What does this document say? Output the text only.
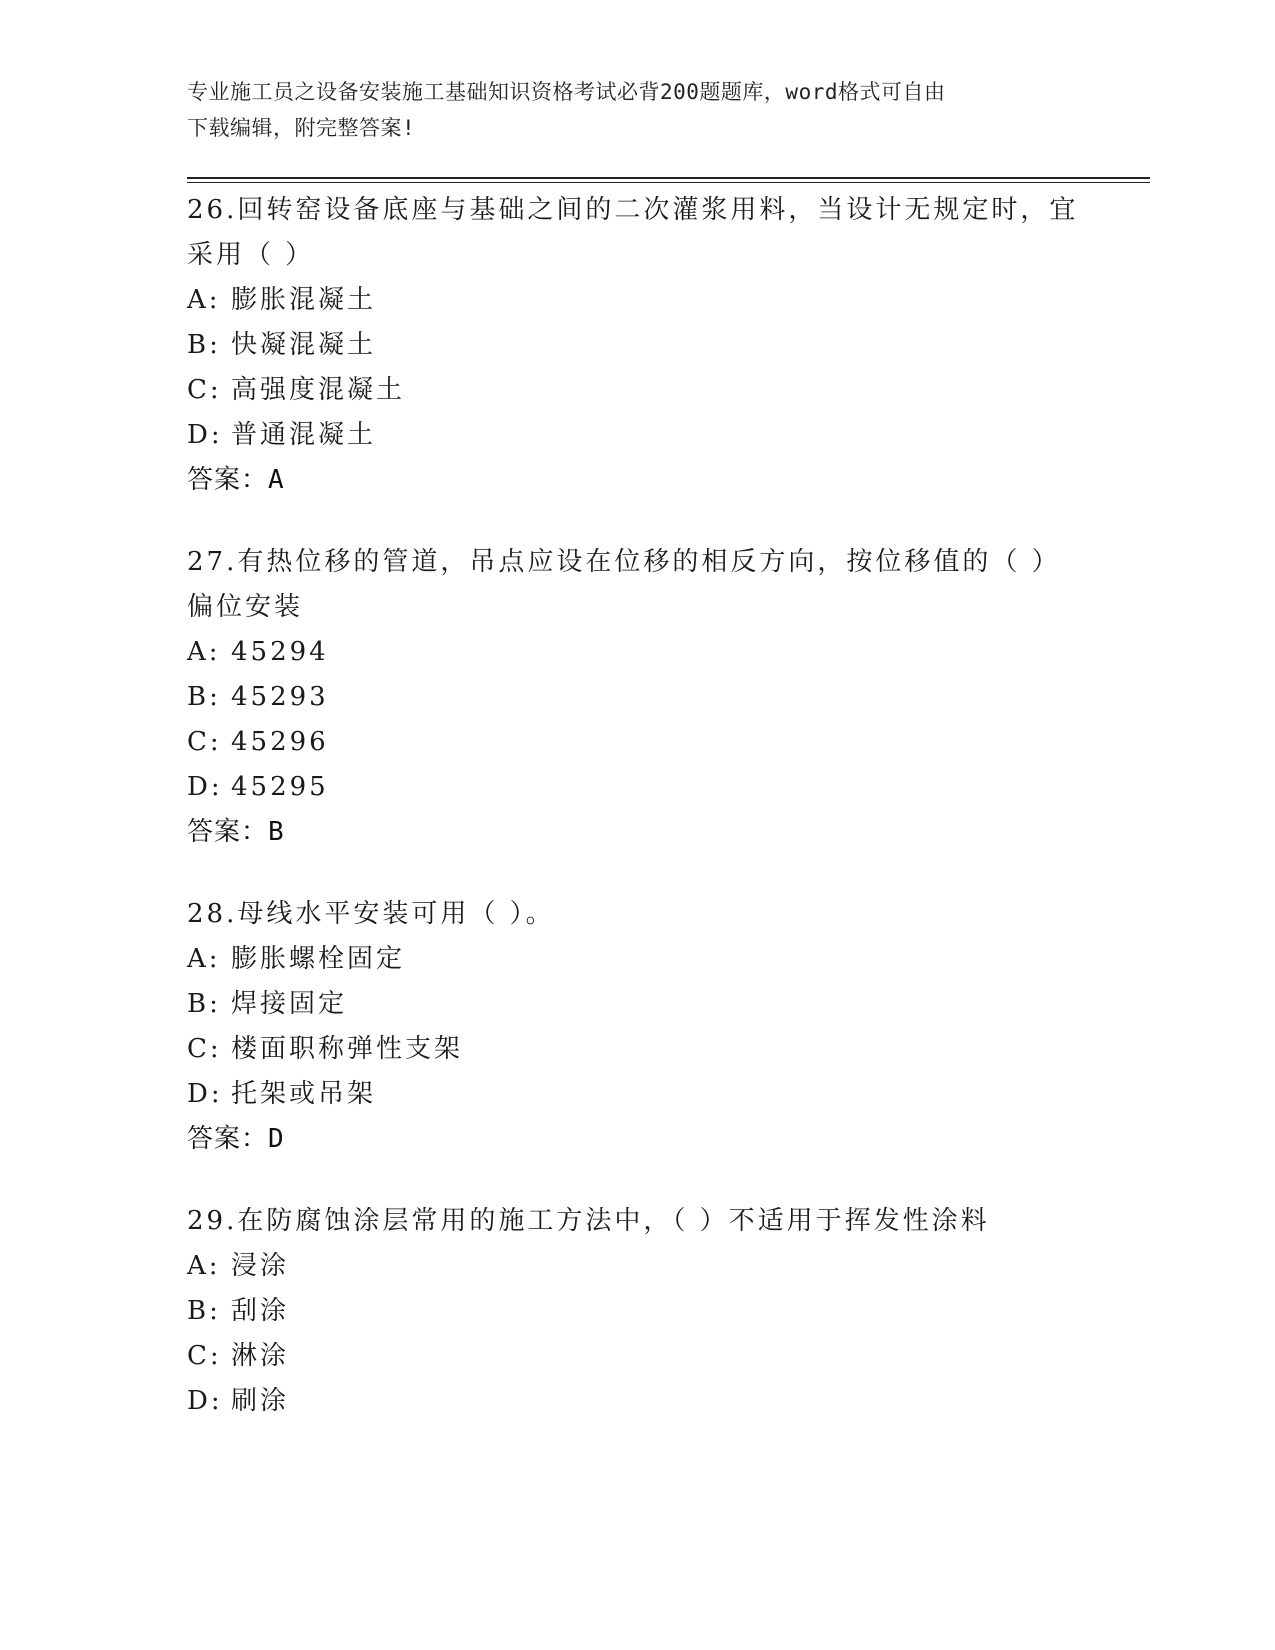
专业施工员之设备安装施工基础知识资格考试必背200题题库，word格式可自由
下载编辑，附完整答案!

26.回转窑设备底座与基础之间的二次灌浆用料，当设计无规定时，宜

采用（ ）

A: 膨胀混凝土

B: 快凝混凝土

C: 高强度混凝土

D: 普通混凝土

答案：A

27.有热位移的管道，吊点应设在位移的相反方向，按位移值的（ ）

偏位安装

A: 45294

B: 45293

C: 45296

D: 45295

答案：B

28.母线水平安装可用（ ）。

A: 膨胀螺栓固定

B: 焊接固定

C: 楼面职称弹性支架

D: 托架或吊架

答案：D

29.在防腐蚀涂层常用的施工方法中，（ ）不适用于挥发性涂料

A: 浸涂

B: 刮涂

C: 淋涂

D: 刷涂
